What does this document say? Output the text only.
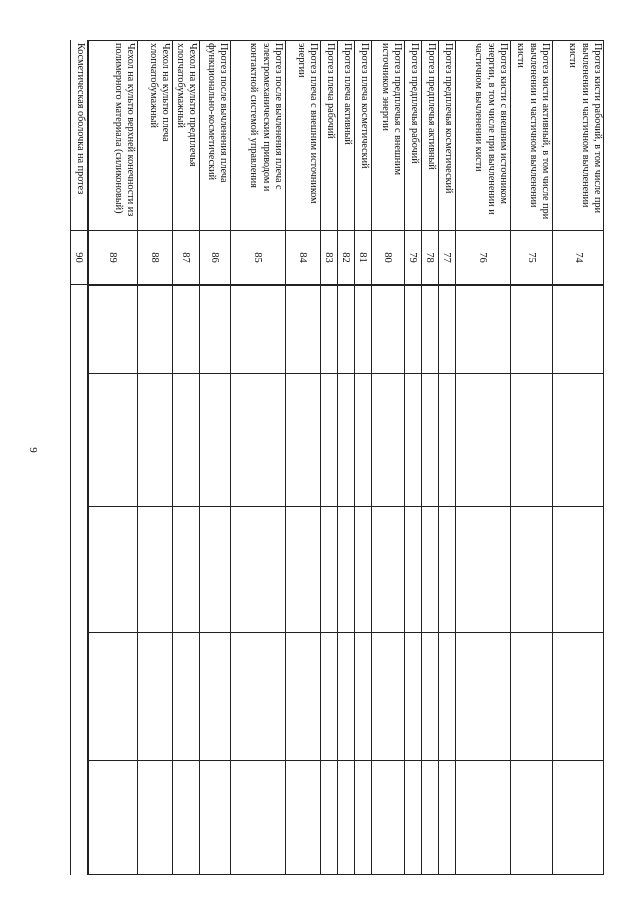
9
Протез кисти рабочий, в том числе при вычленении и частичном вычленении кисти
74
Протез кисти активный, в том числе при вычленении и частичном вычленении кисти
75
Протез кисти с внешним источником энергии, в том числе при вычленении и частичном вычленении кисти
76
Протез предплечья косметический
77
Протез предплечья активный
78
Протез предплечья рабочий
79
Протез предплечья с внешним источником энергии
80
Протез плеча косметический
81
Протез плеча активный
82
Протез плеча рабочий
83
Протез плеча с внешним источником энергии
84
Протез после вычленения плеча с электромеханическим приводом и контактной системой управления
85
Протез после вычленения плеча функционально-косметический
86
Чехол на культю предплечья хлопчатобумажный
87
Чехол на культю плеча хлопчатобумажный
88
Чехол на культю верхней конечности из полимерного материала (силиконовый)
89
Косметическая оболочка на протез
90
